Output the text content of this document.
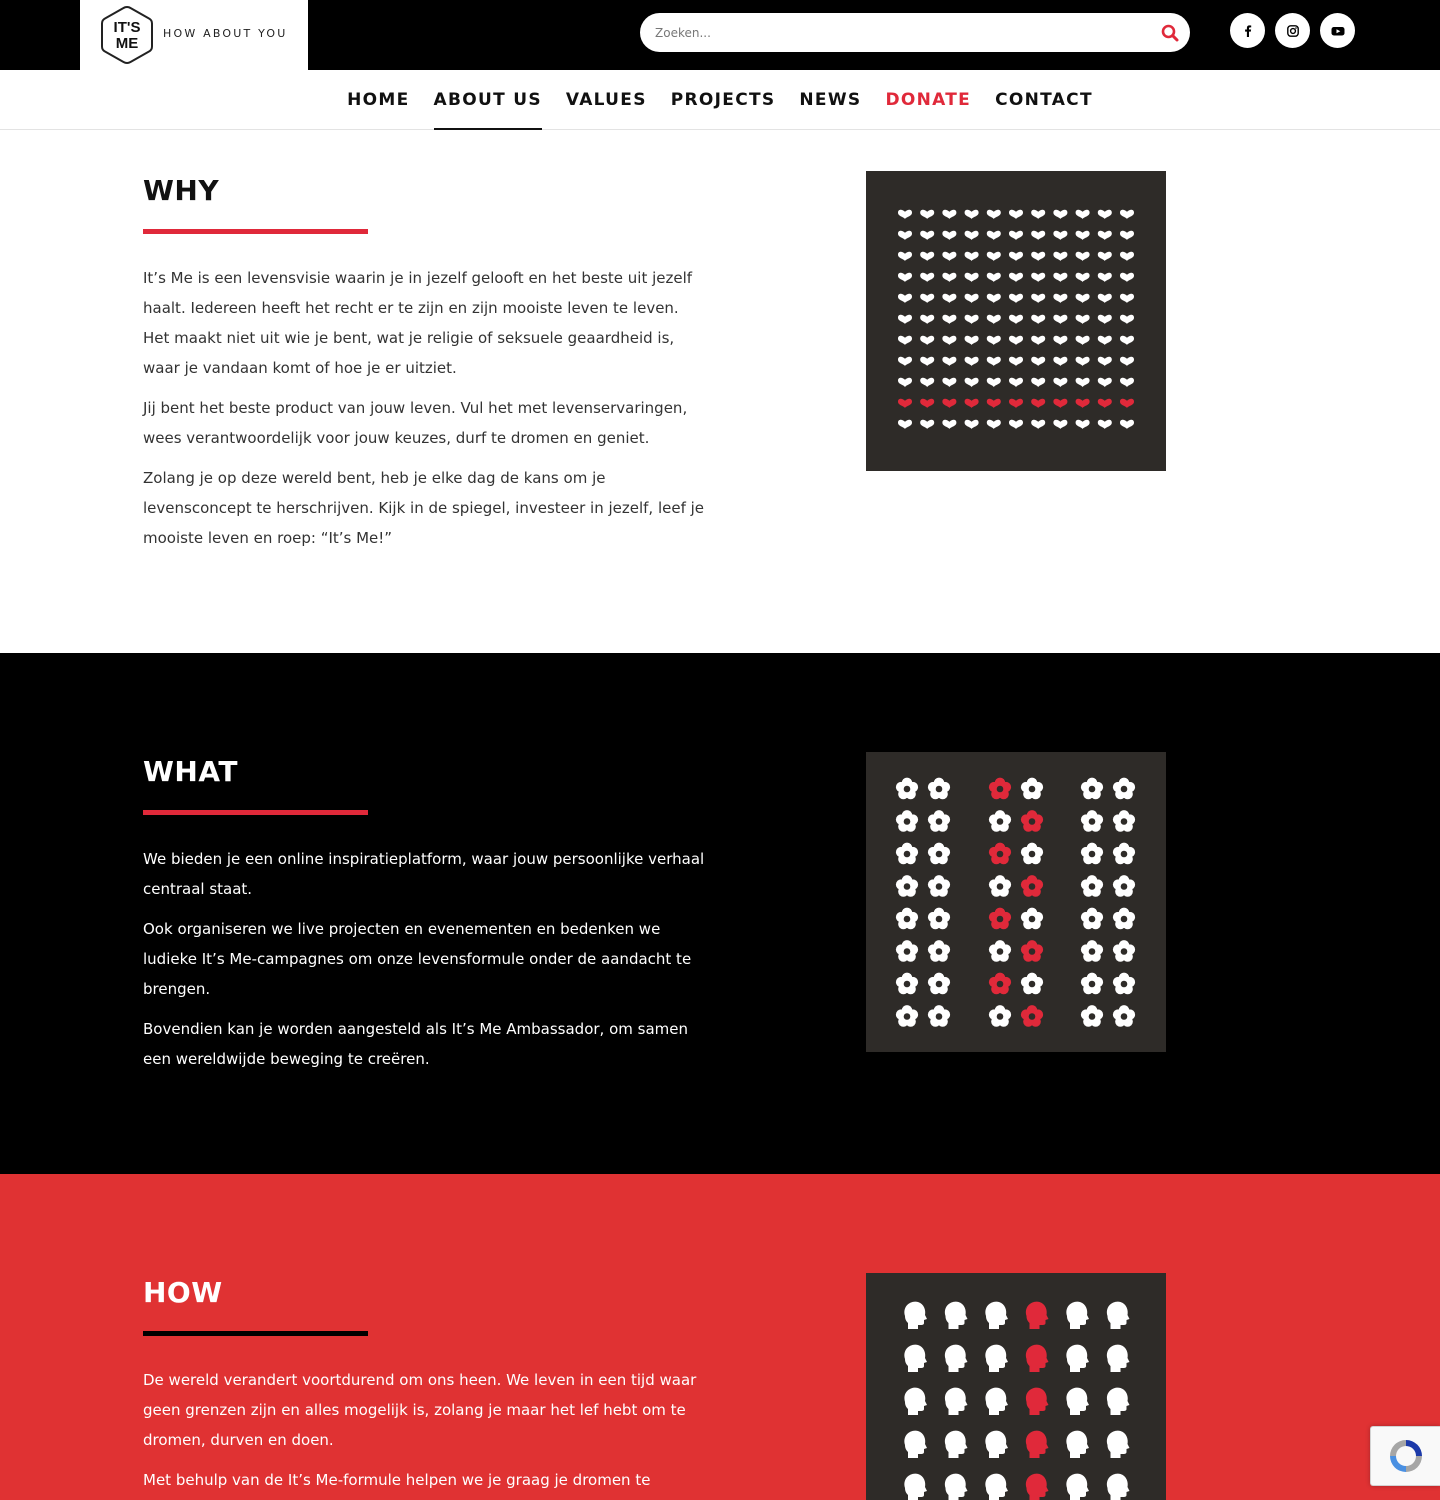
IT'S
ME
HOW ABOUT YOU
Zoeken...
HOME ABOUT US VALUES PROJECTS NEWS DONATE CONTACT
WHY

It’s Me is een levensvisie waarin je in jezelf gelooft en het beste uit jezelf haalt. Iedereen heeft het recht er te zijn en zijn mooiste leven te leven. Het maakt niet uit wie je bent, wat je religie of seksuele geaardheid is, waar je vandaan komt of hoe je er uitziet.

Jij bent het beste product van jouw leven. Vul het met levenservaringen, wees verantwoordelijk voor jouw keuzes, durf te dromen en geniet.

Zolang je op deze wereld bent, heb je elke dag de kans om je levensconcept te herschrijven. Kijk in de spiegel, investeer in jezelf, leef je mooiste leven en roep: “It’s Me!”

WHAT

We bieden je een online inspiratieplatform, waar jouw persoonlijke verhaal centraal staat.

Ook organiseren we live projecten en evenementen en bedenken we ludieke It’s Me-campagnes om onze levensformule onder de aandacht te brengen.

Bovendien kan je worden aangesteld als It’s Me Ambassador, om samen een wereldwijde beweging te creëren.

HOW

De wereld verandert voortdurend om ons heen. We leven in een tijd waar geen grenzen zijn en alles mogelijk is, zolang je maar het lef hebt om te dromen, durven en doen.

Met behulp van de It’s Me-formule helpen we je graag je dromen te
